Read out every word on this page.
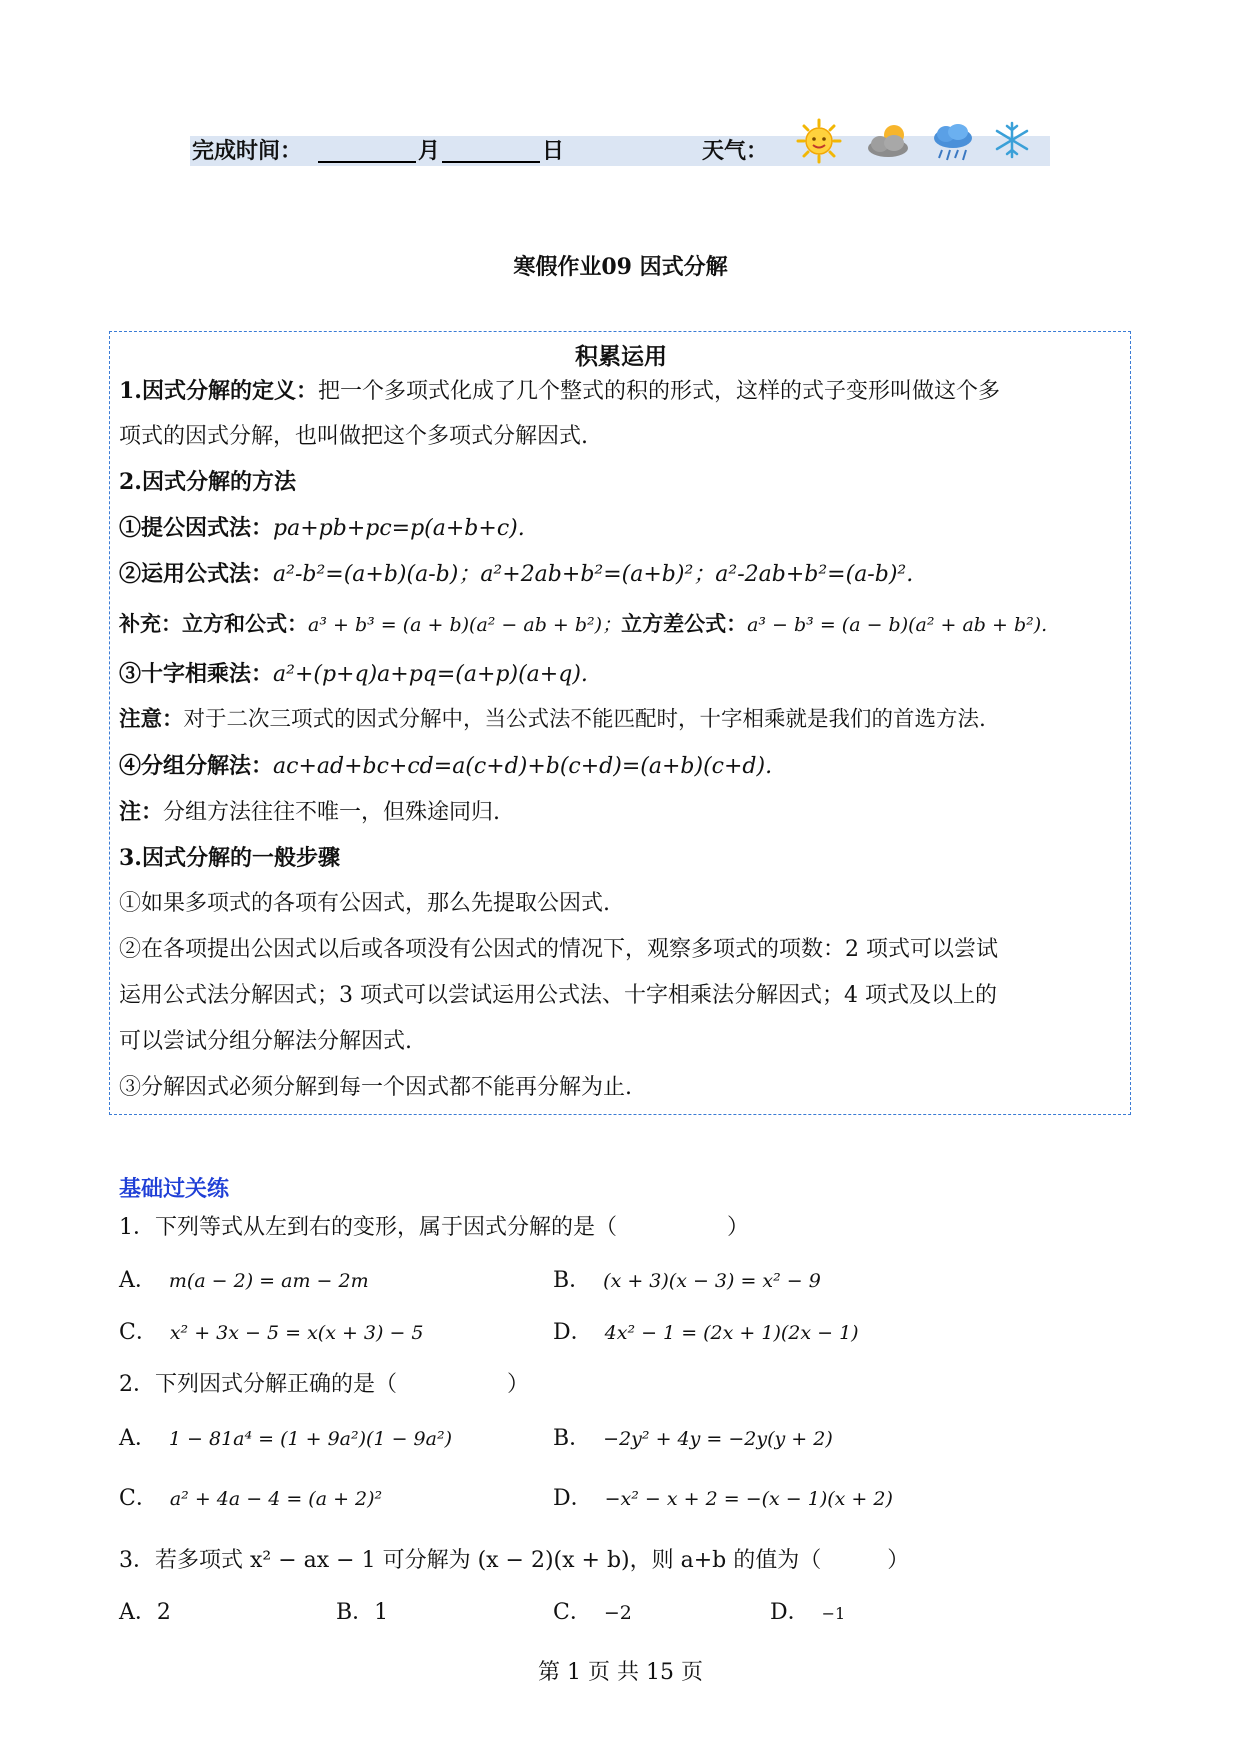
完成时间：	月	日	天气：
寒假作业09 因式分解
积累运用
1.因式分解的定义：把一个多项式化成了几个整式的积的形式，这样的式子变形叫做这个多
项式的因式分解，也叫做把这个多项式分解因式.
2.因式分解的方法
①提公因式法：pa+pb+pc=p(a+b+c).
②运用公式法：a²-b²=(a+b)(a-b)；a²+2ab+b²=(a+b)²；a²-2ab+b²=(a-b)².
补充：立方和公式：a³ + b³ = (a + b)(a² − ab + b²)；立方差公式：a³ − b³ = (a − b)(a² + ab + b²).
③十字相乘法：a²+(p+q)a+pq=(a+p)(a+q).
注意：对于二次三项式的因式分解中，当公式法不能匹配时，十字相乘就是我们的首选方法.
④分组分解法：ac+ad+bc+cd=a(c+d)+b(c+d)=(a+b)(c+d).
注：分组方法往往不唯一，但殊途同归.
3.因式分解的一般步骤
①如果多项式的各项有公因式，那么先提取公因式.
②在各项提出公因式以后或各项没有公因式的情况下，观察多项式的项数：2 项式可以尝试
运用公式法分解因式；3 项式可以尝试运用公式法、十字相乘法分解因式；4 项式及以上的
可以尝试分组分解法分解因式.
③分解因式必须分解到每一个因式都不能再分解为止.
基础过关练
1．下列等式从左到右的变形，属于因式分解的是（　　　　　）
A． m(a − 2) = am − 2m	B． (x + 3)(x − 3) = x² − 9
C． x² + 3x − 5 = x(x + 3) − 5	D． 4x² − 1 = (2x + 1)(2x − 1)
2．下列因式分解正确的是（　　　　　）
A． 1 − 81a⁴ = (1 + 9a²)(1 − 9a²)	B． −2y² + 4y = −2y(y + 2)
C． a² + 4a − 4 = (a + 2)²	D． −x² − x + 2 = −(x − 1)(x + 2)
3．若多项式 x² − ax − 1 可分解为 (x − 2)(x + b)，则 a+b 的值为（　　　）
A．2	B．1	C． −2	D． −1
第 1 页 共 15 页
